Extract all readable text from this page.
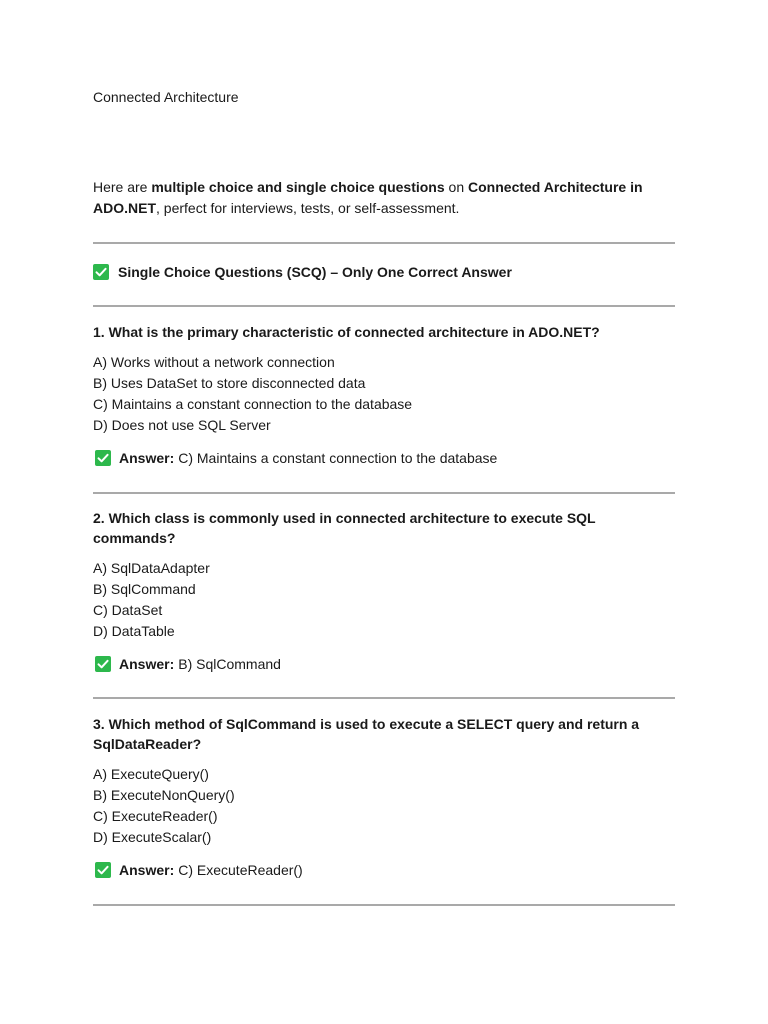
Connected Architecture

Here are multiple choice and single choice questions on Connected Architecture in ADO.NET, perfect for interviews, tests, or self-assessment.

Single Choice Questions (SCQ) – Only One Correct Answer

1. What is the primary characteristic of connected architecture in ADO.NET?

A) Works without a network connection
B) Uses DataSet to store disconnected data
C) Maintains a constant connection to the database
D) Does not use SQL Server
Answer: C) Maintains a constant connection to the database

2. Which class is commonly used in connected architecture to execute SQL commands?

A) SqlDataAdapter
B) SqlCommand
C) DataSet
D) DataTable
Answer: B) SqlCommand

3. Which method of SqlCommand is used to execute a SELECT query and return a SqlDataReader?

A) ExecuteQuery()
B) ExecuteNonQuery()
C) ExecuteReader()
D) ExecuteScalar()
Answer: C) ExecuteReader()
